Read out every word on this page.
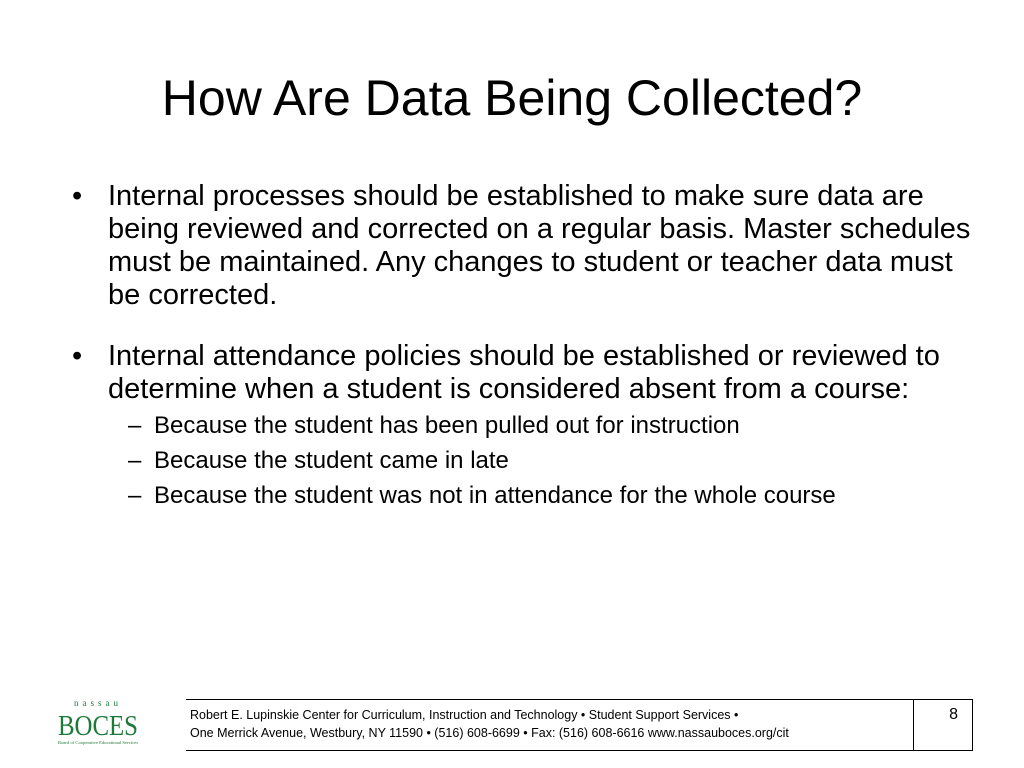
How Are Data Being Collected?
• Internal processes should be established to make sure data are being reviewed and corrected on a regular basis. Master schedules must be maintained. Any changes to student or teacher data must be corrected.
• Internal attendance policies should be established or reviewed to determine when a student is considered absent from a course:
– Because the student has been pulled out for instruction
– Because the student came in late
– Because the student was not in attendance for the whole course
nassau
BOCES
Board of Cooperative Educational Services
Robert E. Lupinskie Center for Curriculum, Instruction and Technology • Student Support Services •
One Merrick Avenue, Westbury, NY 11590 • (516) 608-6699 • Fax: (516) 608-6616 www.nassauboces.org/cit
8
